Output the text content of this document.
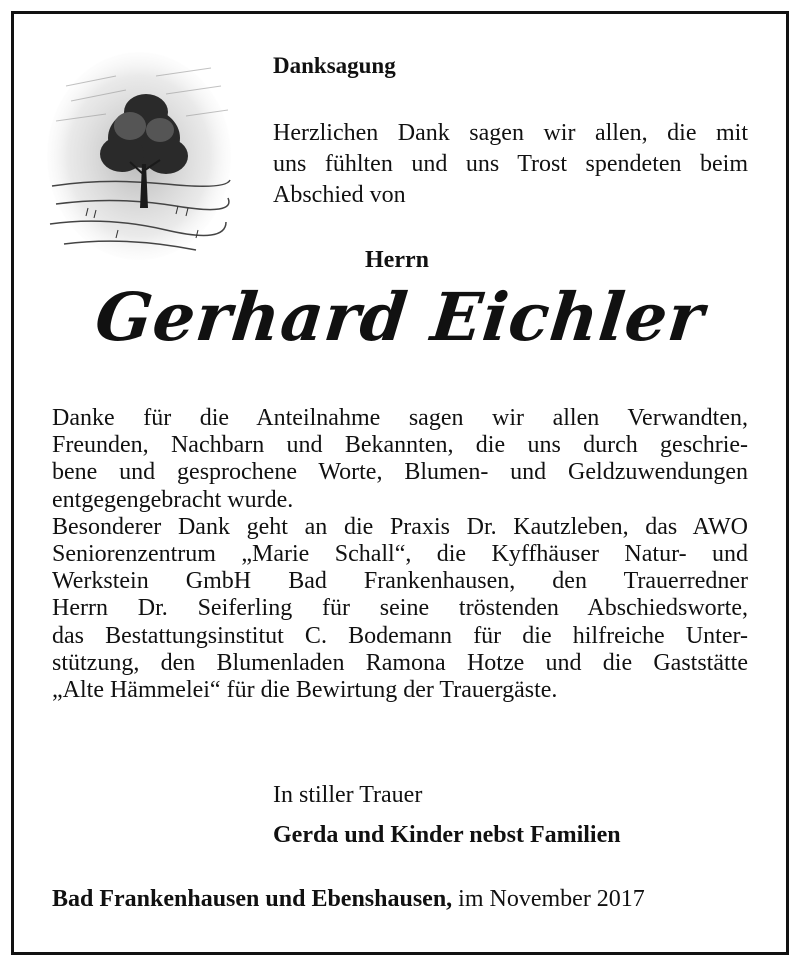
Danksagung
Herzlichen Dank sagen wir allen, die mit
uns fühlten und uns Trost spendeten beim
Abschied von
Herrn
Gerhard Eichler
Danke für die Anteilnahme sagen wir allen Verwandten,
Freunden, Nachbarn und Bekannten, die uns durch geschrie-
bene und gesprochene Worte, Blumen- und Geldzuwendungen
entgegengebracht wurde.
Besonderer Dank geht an die Praxis Dr. Kautzleben, das AWO
Seniorenzentrum „Marie Schall“, die Kyffhäuser Natur- und
Werkstein GmbH Bad Frankenhausen, den Trauerredner
Herrn Dr. Seiferling für seine tröstenden Abschiedsworte,
das Bestattungsinstitut C. Bodemann für die hilfreiche Unter-
stützung, den Blumenladen Ramona Hotze und die Gaststätte
„Alte Hämmelei“ für die Bewirtung der Trauergäste.
In stiller Trauer
Gerda und Kinder nebst Familien
Bad Frankenhausen und Ebenshausen, im November 2017
